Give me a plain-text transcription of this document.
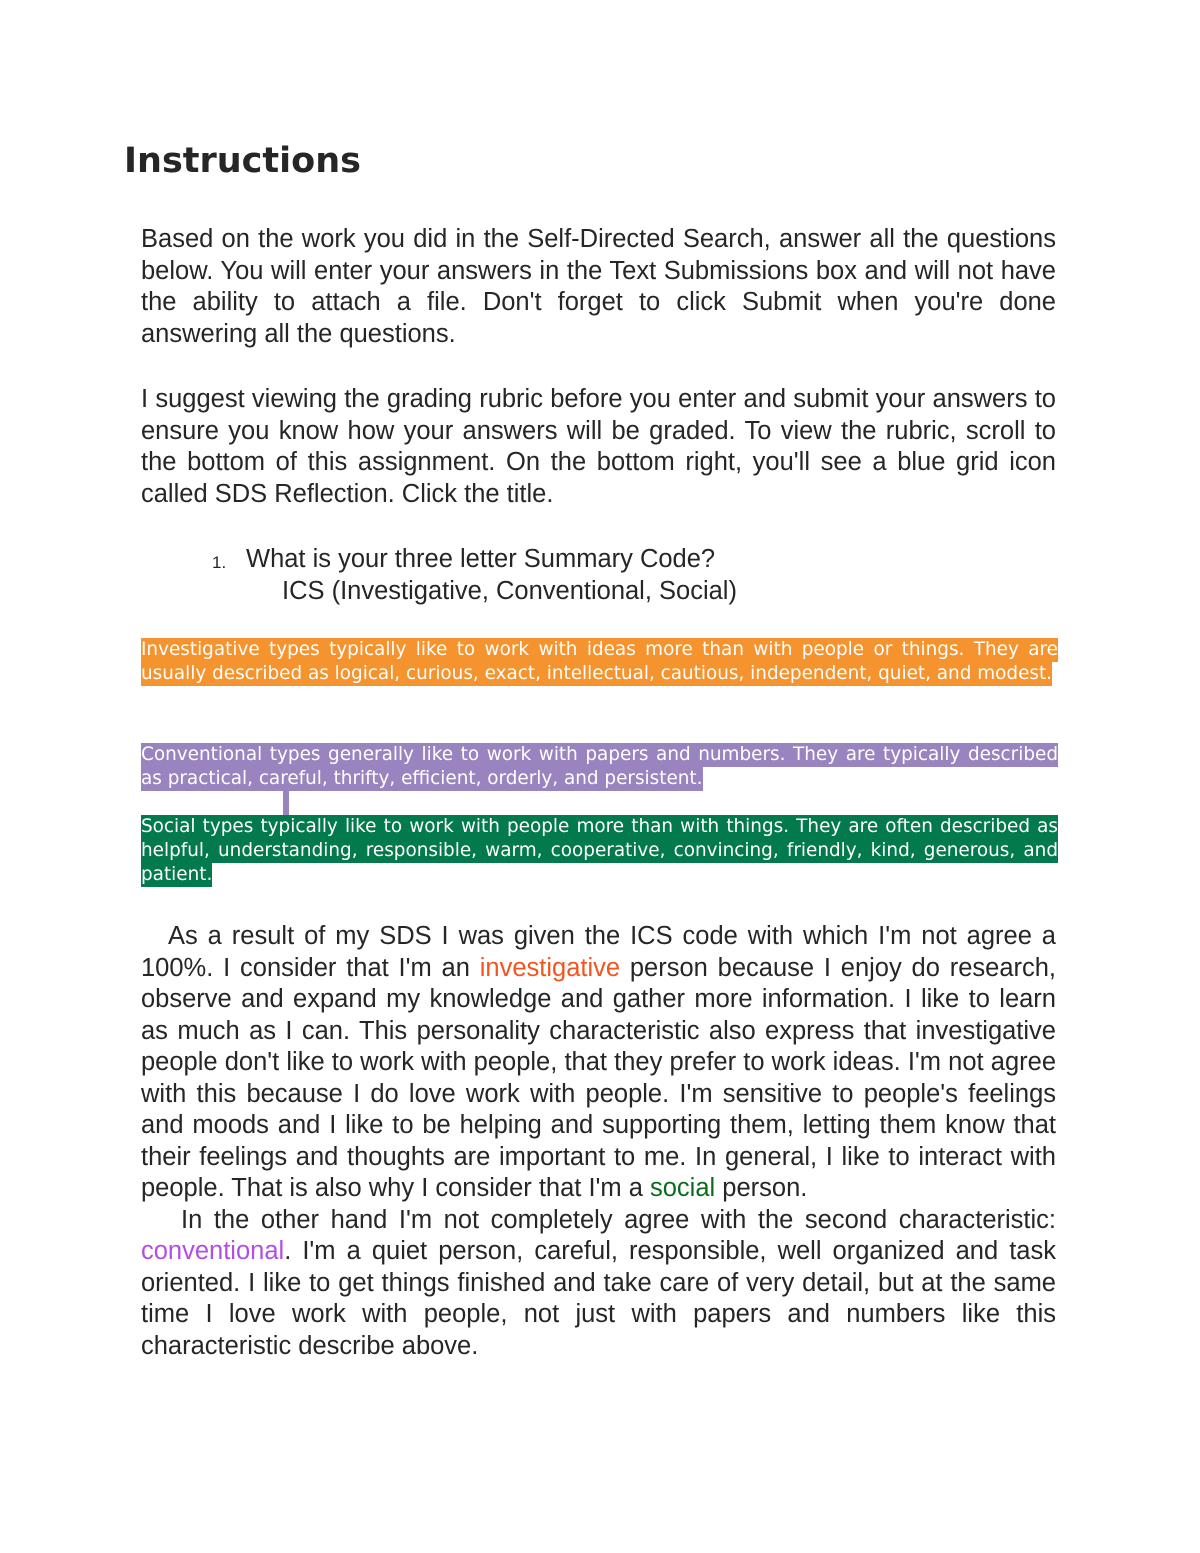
Instructions

Based on the work you did in the Self-Directed Search, answer all the questions below. You will enter your answers in the Text Submissions box and will not have the ability to attach a file. Don't forget to click Submit when you're done answering all the questions.

I suggest viewing the grading rubric before you enter and submit your answers to ensure you know how your answers will be graded. To view the rubric, scroll to the bottom of this assignment. On the bottom right, you'll see a blue grid icon called SDS Reflection. Click the title.

1. What is your three letter Summary Code?
ICS (Investigative, Conventional, Social)

Investigative types typically like to work with ideas more than with people or things. They are usually described as logical, curious, exact, intellectual, cautious, independent, quiet, and modest.

Conventional types generally like to work with papers and numbers. They are typically described as practical, careful, thrifty, efficient, orderly, and persistent.

Social types typically like to work with people more than with things. They are often described as helpful, understanding, responsible, warm, cooperative, convincing, friendly, kind, generous, and patient.

As a result of my SDS I was given the ICS code with which I'm not agree a 100%. I consider that I'm an investigative person because I enjoy do research, observe and expand my knowledge and gather more information. I like to learn as much as I can. This personality characteristic also express that investigative people don't like to work with people, that they prefer to work ideas. I'm not agree with this because I do love work with people. I'm sensitive to people's feelings and moods and I like to be helping and supporting them, letting them know that their feelings and thoughts are important to me. In general, I like to interact with people. That is also why I consider that I'm a social person.

In the other hand I'm not completely agree with the second characteristic: conventional. I'm a quiet person, careful, responsible, well organized and task oriented. I like to get things finished and take care of very detail, but at the same time I love work with people, not just with papers and numbers like this characteristic describe above.
